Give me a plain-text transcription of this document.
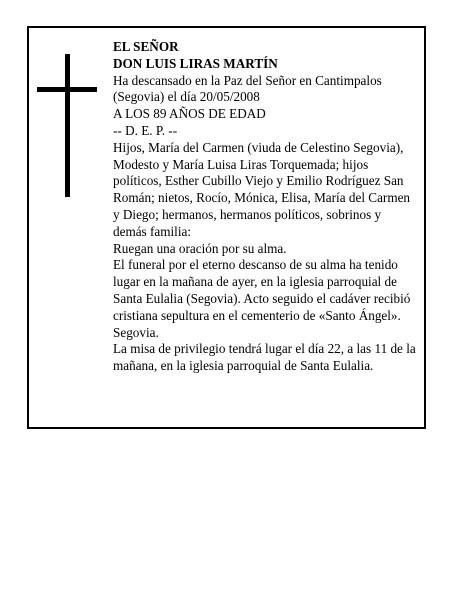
EL SEÑOR

DON LUIS LIRAS MARTÍN

Ha descansado en la Paz del Señor en Cantimpalos (Segovia) el día 20/05/2008

A LOS 89 AÑOS DE EDAD

-- D. E. P. --

Hijos, María del Carmen (viuda de Celestino Segovia), Modesto y María Luisa Liras Torquemada; hijos políticos, Esther Cubillo Viejo y Emilio Rodríguez San Román; nietos, Rocío, Mónica, Elisa, María del Carmen y Diego; hermanos, hermanos políticos, sobrinos y demás familia:

Ruegan una oración por su alma.

El funeral por el eterno descanso de su alma ha tenido lugar en la mañana de ayer, en la iglesia parroquial de Santa Eulalia (Segovia). Acto seguido el cadáver recibió cristiana sepultura en el cementerio de «Santo Ángel». Segovia.

La misa de privilegio tendrá lugar el día 22, a las 11 de la mañana, en la iglesia parroquial de Santa Eulalia.
